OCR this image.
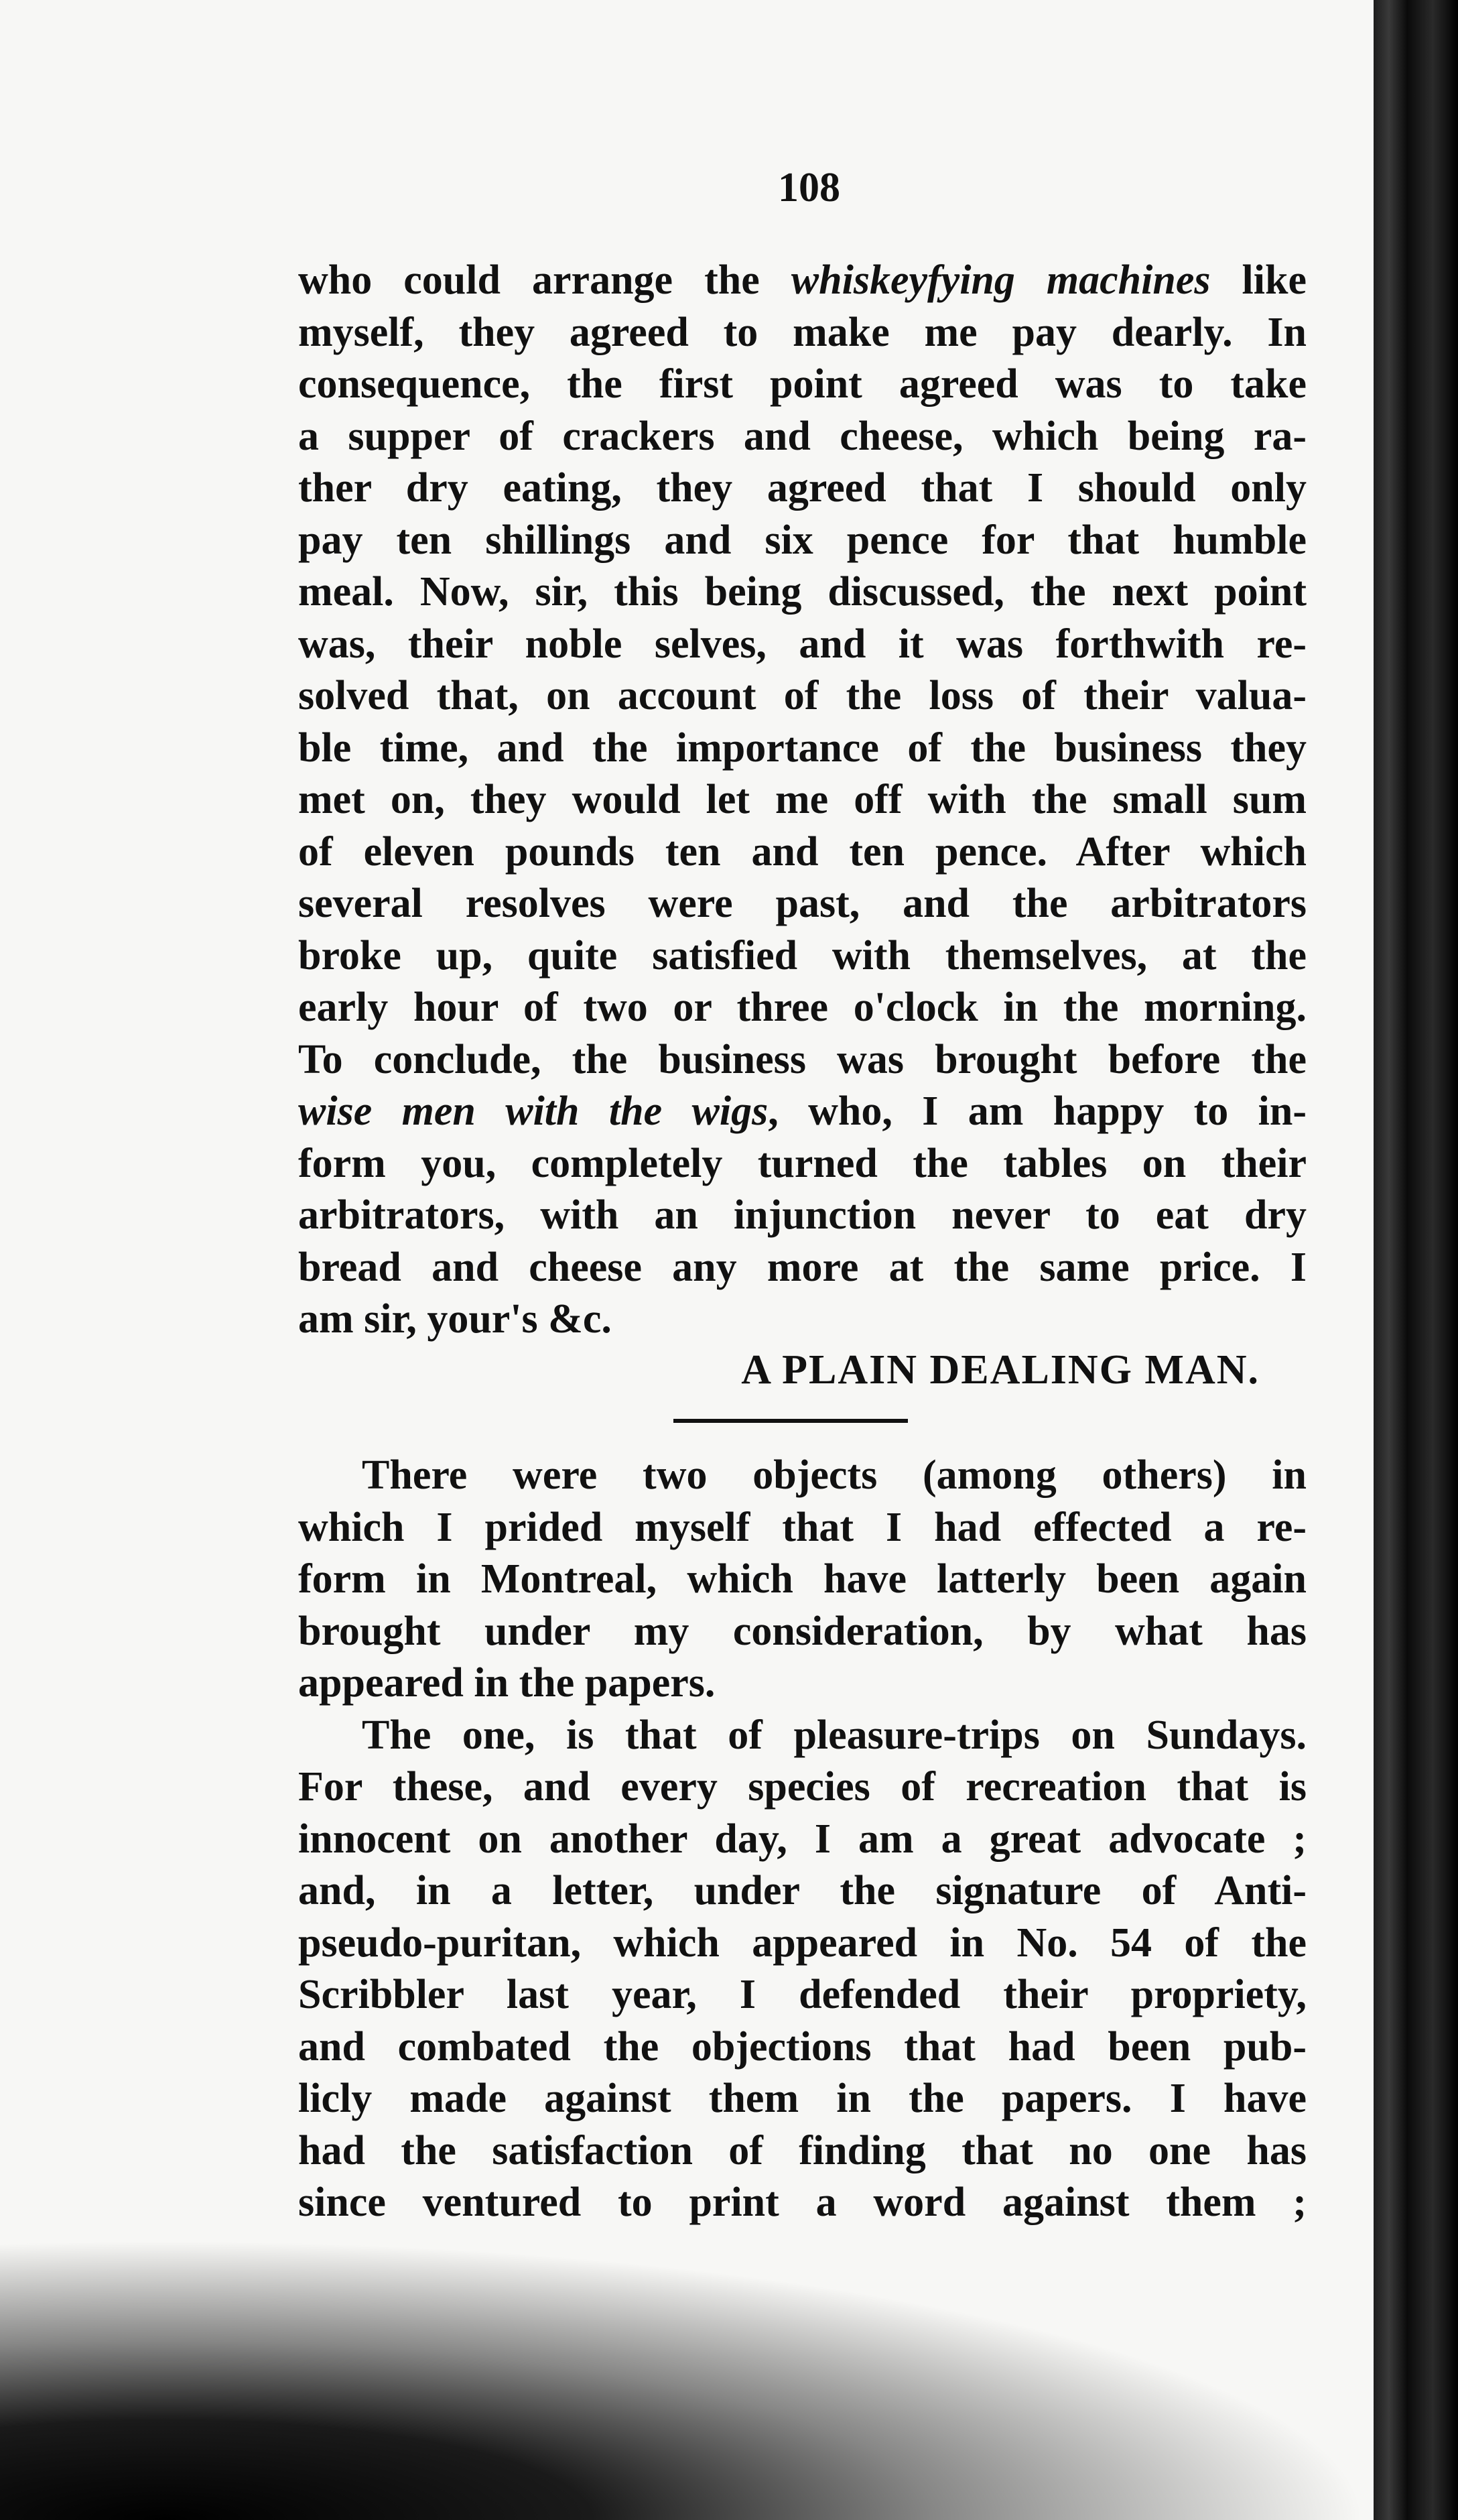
108
who could arrange the whiskeyfying machines like
myself, they agreed to make me pay dearly. In
consequence, the first point agreed was to take
a supper of crackers and cheese, which being ra-
ther dry eating, they agreed that I should only
pay ten shillings and six pence for that humble
meal. Now, sir, this being discussed, the next point
was, their noble selves, and it was forthwith re-
solved that, on account of the loss of their valua-
ble time, and the importance of the business they
met on, they would let me off with the small sum
of eleven pounds ten and ten pence. After which
several resolves were past, and the arbitrators
broke up, quite satisfied with themselves, at the
early hour of two or three o'clock in the morning.
To conclude, the business was brought before the
wise men with the wigs, who, I am happy to in-
form you, completely turned the tables on their
arbitrators, with an injunction never to eat dry
bread and cheese any more at the same price. I
am sir, your's &c.
A PLAIN DEALING MAN.
There were two objects (among others) in
which I prided myself that I had effected a re-
form in Montreal, which have latterly been again
brought under my consideration, by what has
appeared in the papers.
The one, is that of pleasure-trips on Sundays.
For these, and every species of recreation that is
innocent on another day, I am a great advocate ;
and, in a letter, under the signature of Anti-
pseudo-puritan, which appeared in No. 54 of the
Scribbler last year, I defended their propriety,
and combated the objections that had been pub-
licly made against them in the papers. I have
had the satisfaction of finding that no one has
since ventured to print a word against them ;
